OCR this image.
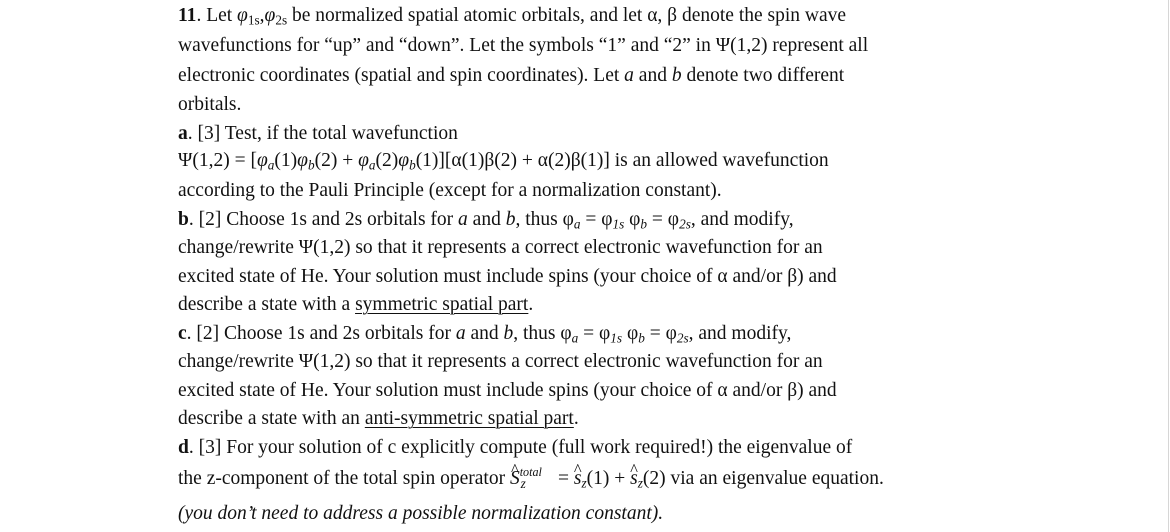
11. Let $\varphi_{1s},\varphi_{2s}$ be normalized spatial atomic orbitals, and let α, β denote the spin wave
wavefunctions for “up” and “down”. Let the symbols “1” and “2” in Ψ(1,2) represent all
electronic coordinates (spatial and spin coordinates). Let a and b denote two different
orbitals.
a. [3] Test, if the total wavefunction
$\Psi(1,2) = [\varphi_a(1)\varphi_b(2) + \varphi_a(2)\varphi_b(1)][\alpha(1)\beta(2) + \alpha(2)\beta(1)]$ is an allowed wavefunction
according to the Pauli Principle (except for a normalization constant).
b. [2] Choose 1s and 2s orbitals for a and b, thus $\varphi_a = \varphi_{1s}$ $\varphi_b = \varphi_{2s}$, and modify,
change/rewrite Ψ(1,2) so that it represents a correct electronic wavefunction for an
excited state of He. Your solution must include spins (your choice of α and/or β) and
describe a state with a symmetric spatial part.
c. [2] Choose 1s and 2s orbitals for a and b, thus $\varphi_a = \varphi_{1s}$ $\varphi_b = \varphi_{2s}$, and modify,
change/rewrite Ψ(1,2) so that it represents a correct electronic wavefunction for an
excited state of He. Your solution must include spins (your choice of α and/or β) and
describe a state with an anti-symmetric spatial part.
d. [3] For your solution of c explicitly compute (full work required!) the eigenvalue of
the z-component of the total spin operator ^ $S^{total}_z$ = ^ $s_z(1)$ + ^ $s_z(2)$ via an eigenvalue equation.
(you don’t need to address a possible normalization constant).
